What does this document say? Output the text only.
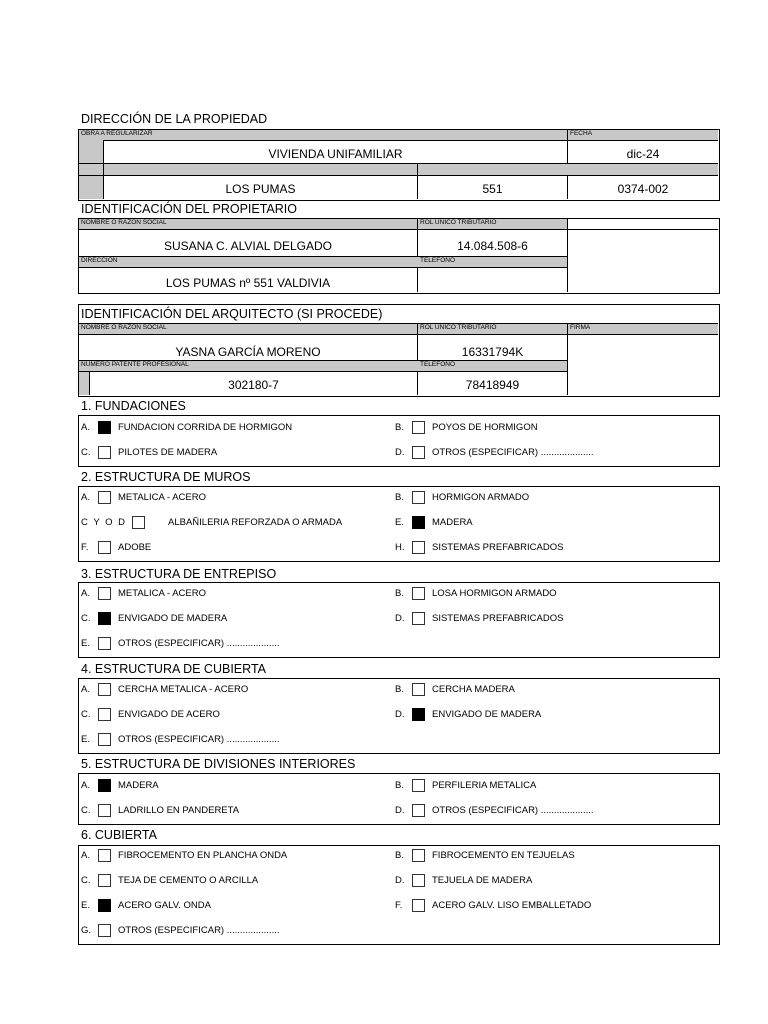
DIRECCIÓN DE LA PROPIEDAD
OBRA A REGULARIZAR	FECHA
VIVIENDA UNIFAMILIAR	dic-24
LOS PUMAS	551	0374-002
IDENTIFICACIÓN DEL PROPIETARIO
NOMBRE O RAZÓN SOCIAL	ROL ÚNICO TRIBUTARIO
SUSANA C. ALVIAL DELGADO	14.084.508-6
DIRECCION	TELEFONO
LOS PUMAS nº 551 VALDIVIA
IDENTIFICACIÓN DEL ARQUITECTO (SI PROCEDE)
NOMBRE O RAZÓN SOCIAL	ROL ÚNICO TRIBUTARIO	FIRMA
YASNA GARCÍA MORENO	16331794K
NUMERO PATENTE PROFESIONAL	TELEFONO
302180-7	78418949
1. FUNDACIONES
A.	FUNDACION CORRIDA DE HORMIGON	B.	POYOS DE HORMIGON
C.	PILOTES DE MADERA	D.	OTROS (ESPECIFICAR) ....................
2. ESTRUCTURA DE MUROS
A.	METALICA - ACERO	B.	HORMIGON ARMADO
C Y O D	ALBAÑILERIA REFORZADA O ARMADA	E.	MADERA
F.	ADOBE	H.	SISTEMAS PREFABRICADOS
3. ESTRUCTURA DE ENTREPISO
A.	METALICA - ACERO	B.	LOSA HORMIGON ARMADO
C.	ENVIGADO DE MADERA	D.	SISTEMAS PREFABRICADOS
E.	OTROS (ESPECIFICAR) ....................
4. ESTRUCTURA DE CUBIERTA
A.	CERCHA METALICA - ACERO	B.	CERCHA MADERA
C.	ENVIGADO DE ACERO	D.	ENVIGADO DE MADERA
E.	OTROS (ESPECIFICAR) ....................
5. ESTRUCTURA DE DIVISIONES INTERIORES
A.	MADERA	B.	PERFILERIA METALICA
C.	LADRILLO EN PANDERETA	D.	OTROS (ESPECIFICAR) ....................
6. CUBIERTA
A.	FIBROCEMENTO EN PLANCHA ONDA	B.	FIBROCEMENTO EN TEJUELAS
C.	TEJA DE CEMENTO O ARCILLA	D.	TEJUELA DE MADERA
E.	ACERO GALV. ONDA	F.	ACERO GALV. LISO EMBALLETADO
G.	OTROS (ESPECIFICAR) ....................
